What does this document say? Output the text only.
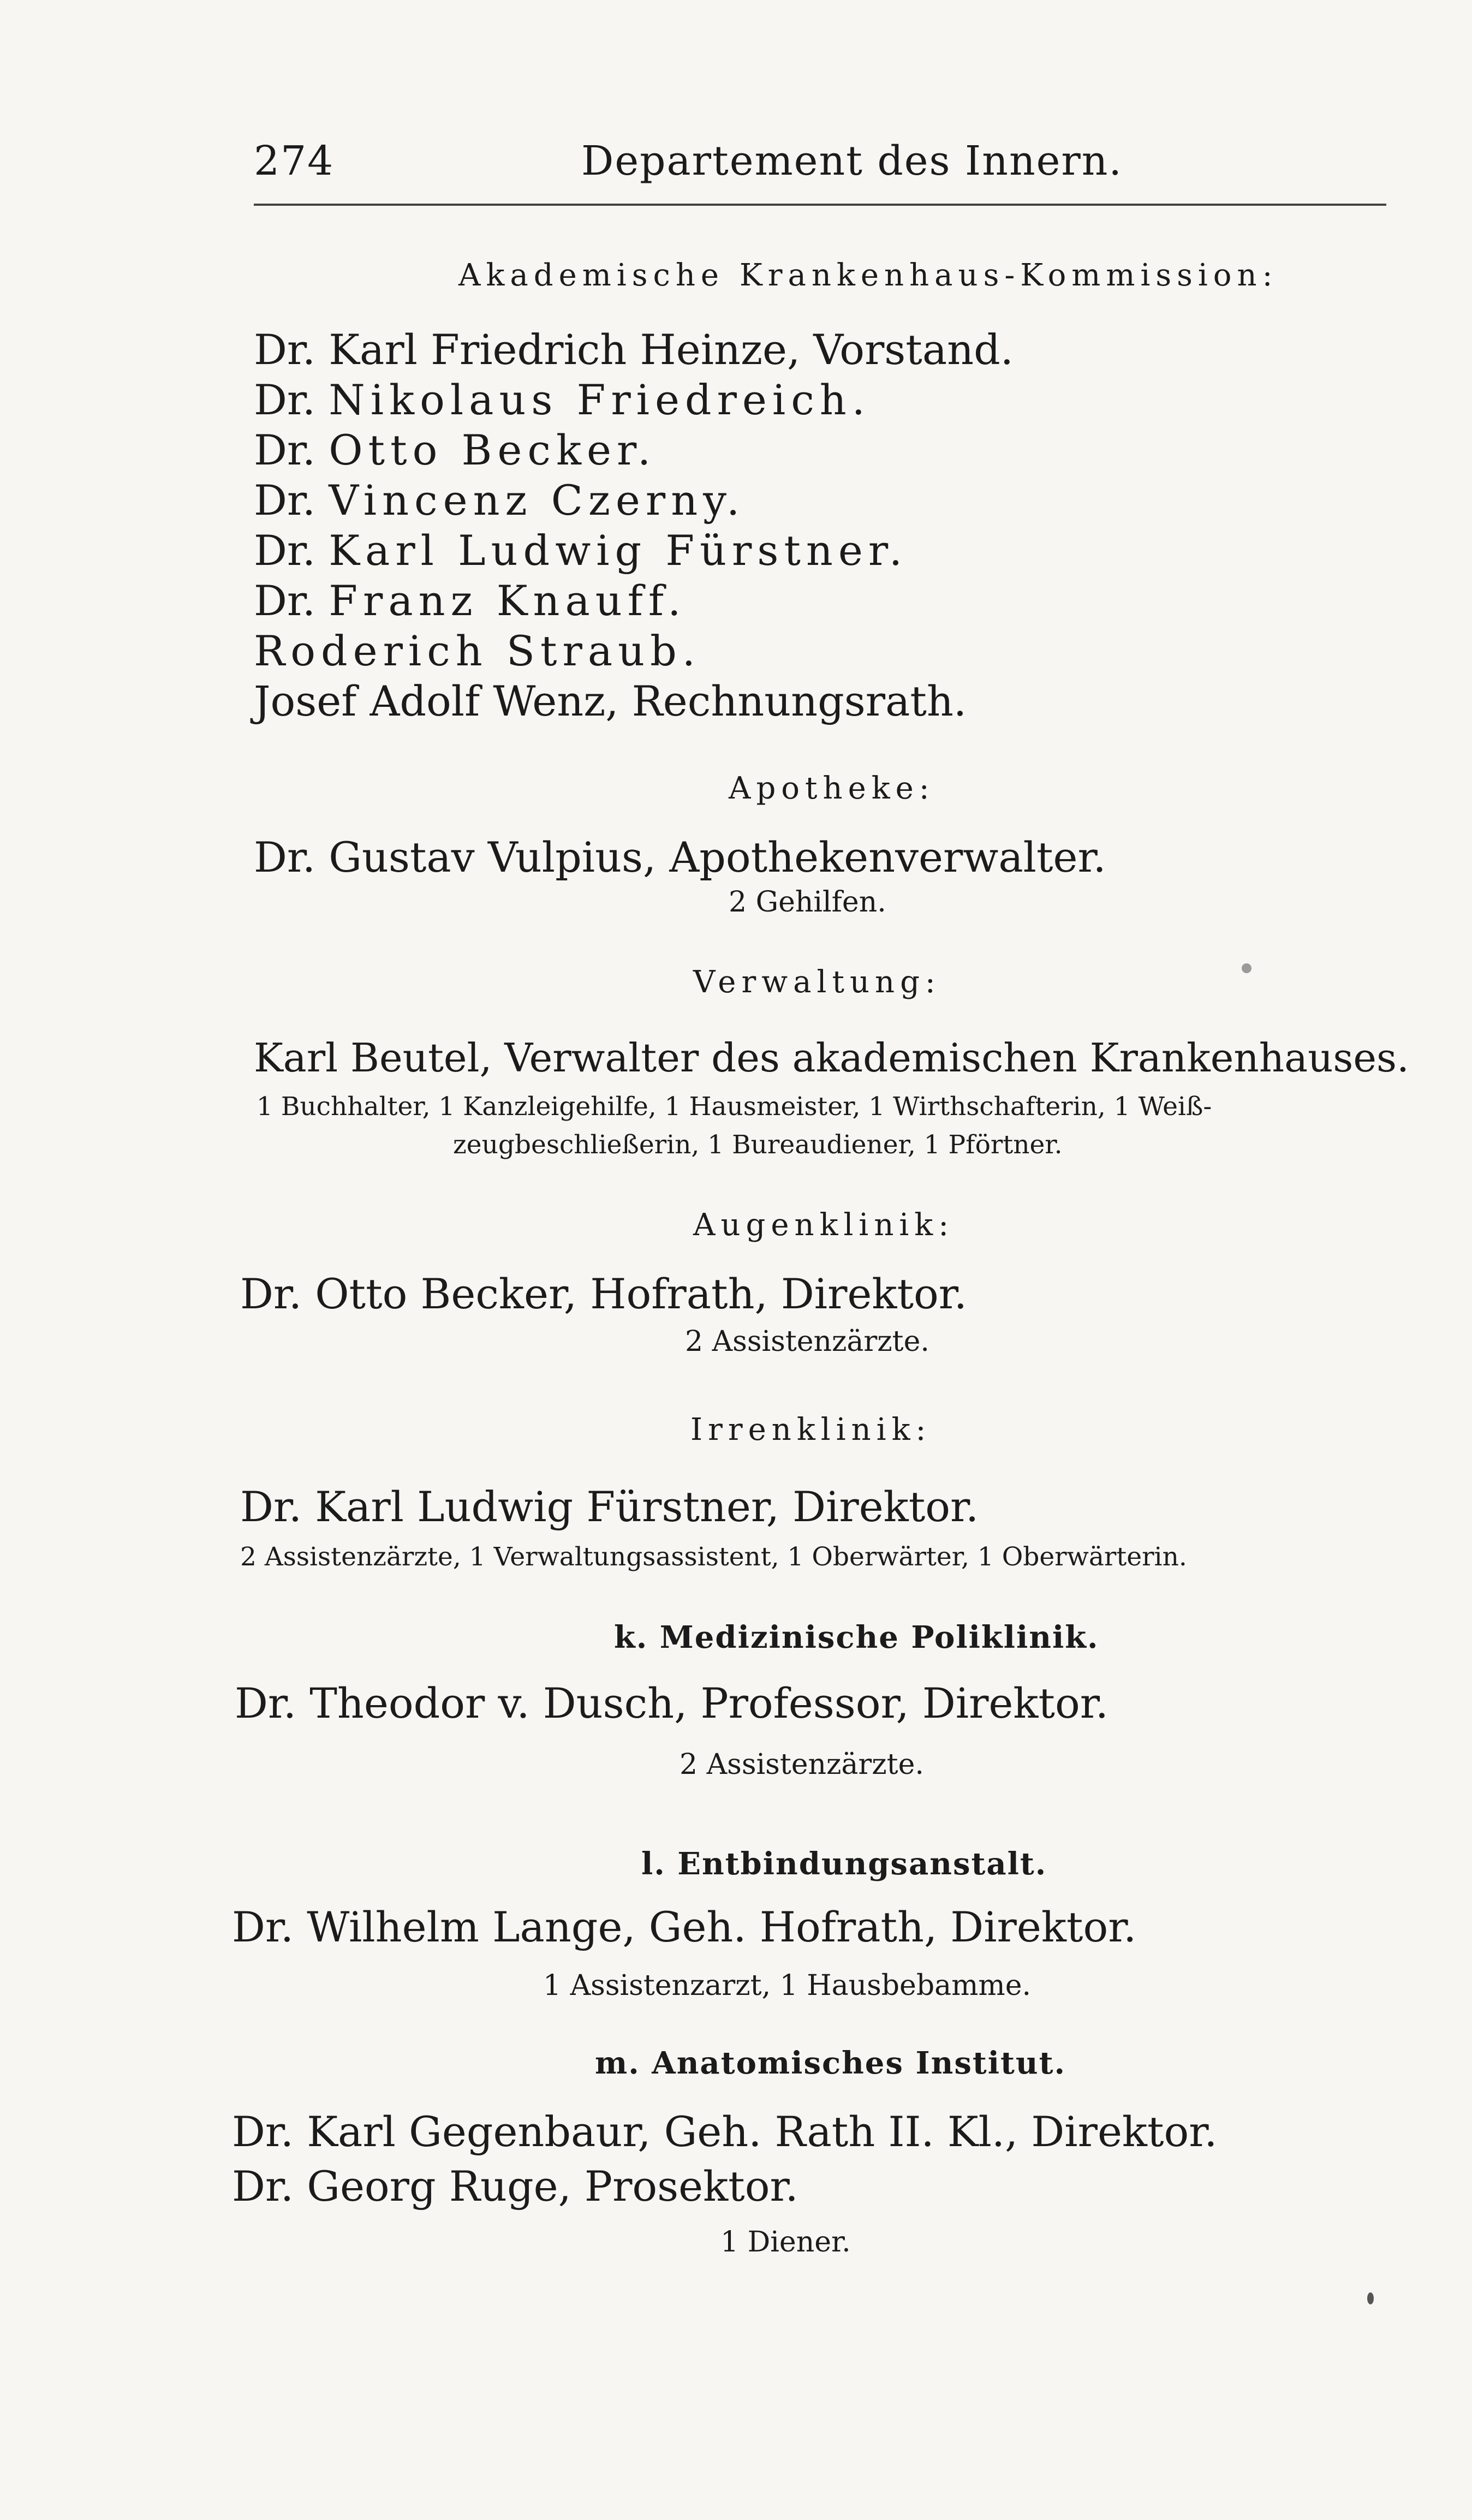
274	Departement des Innern.
Akademische Krankenhaus-Kommission:
Dr. Karl Friedrich Heinze, Vorstand.
Dr. Nikolaus Friedreich.
Dr. Otto Becker.
Dr. Vincenz Czerny.
Dr. Karl Ludwig Fürstner.
Dr. Franz Knauff.
Roderich Straub.
Josef Adolf Wenz, Rechnungsrath.
Apotheke:
Dr. Gustav Vulpius, Apothekenverwalter.
2 Gehilfen.
Verwaltung:
Karl Beutel, Verwalter des akademischen Krankenhauses.
1 Buchhalter, 1 Kanzleigehilfe, 1 Hausmeister, 1 Wirthschafterin, 1 Weiß-
zeugbeschließerin, 1 Bureaudiener, 1 Pförtner.
Augenklinik:
Dr. Otto Becker, Hofrath, Direktor.
2 Assistenzärzte.
Irrenklinik:
Dr. Karl Ludwig Fürstner, Direktor.
2 Assistenzärzte, 1 Verwaltungsassistent, 1 Oberwärter, 1 Oberwärterin.
k. Medizinische Poliklinik.
Dr. Theodor v. Dusch, Professor, Direktor.
2 Assistenzärzte.
l. Entbindungsanstalt.
Dr. Wilhelm Lange, Geh. Hofrath, Direktor.
1 Assistenzarzt, 1 Hausbebamme.
m. Anatomisches Institut.
Dr. Karl Gegenbaur, Geh. Rath II. Kl., Direktor.
Dr. Georg Ruge, Prosektor.
1 Diener.
